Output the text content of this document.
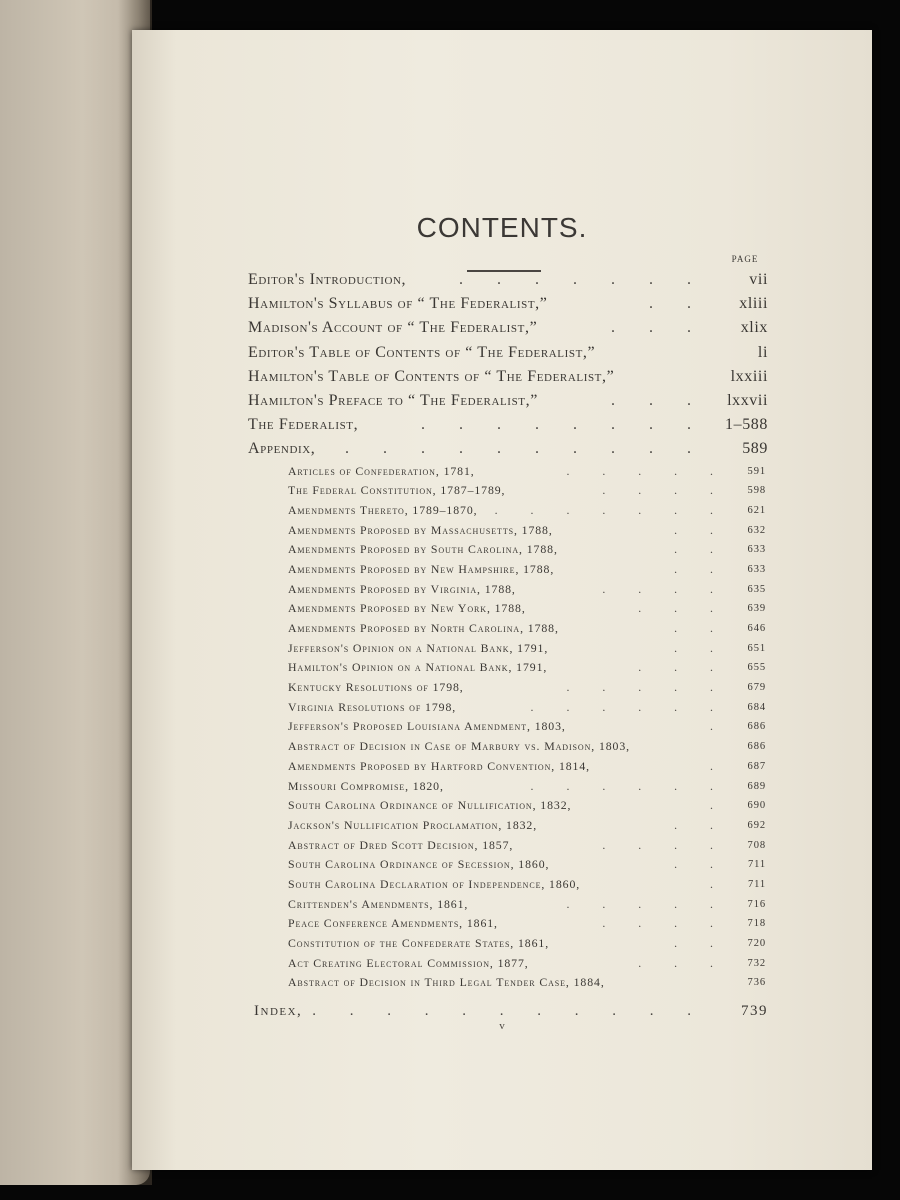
CONTENTS.
PAGE
Editor's Introduction,	. . . . . . .	vii
Hamilton's Syllabus of “ The Federalist,”	. . xliii
Madison's Account of “ The Federalist,”	. . . xlix
Editor's Table of Contents of “ The Federalist,”	li
Hamilton's Table of Contents of “ The Federalist,”	lxxiii
Hamilton's Preface to “ The Federalist,”	. . . lxxvii
The Federalist,	. . . . . . . . 1–588
Appendix, . . . . . . . . . . 589
Articles of Confederation, 1781,	. . . . . 591
The Federal Constitution, 1787–1789,	. . . . 598
Amendments Thereto, 1789–1870, . . . . . . . 621
Amendments Proposed by Massachusetts, 1788,	. . 632
Amendments Proposed by South Carolina, 1788,	. . 633
Amendments Proposed by New Hampshire, 1788,	. . 633
Amendments Proposed by Virginia, 1788,	. . . . 635
Amendments Proposed by New York, 1788,	. . . 639
Amendments Proposed by North Carolina, 1788,	. . 646
Jefferson's Opinion on a National Bank, 1791,	. . 651
Hamilton's Opinion on a National Bank, 1791,	. . . 655
Kentucky Resolutions of 1798,	. . . . . 679
Virginia Resolutions of 1798,	. . . . . . 684
Jefferson's Proposed Louisiana Amendment, 1803,	. 686
Abstract of Decision in Case of Marbury vs. Madison, 1803,	686
Amendments Proposed by Hartford Convention, 1814,	. 687
Missouri Compromise, 1820,	. . . . . . 689
South Carolina Ordinance of Nullification, 1832,	. 690
Jackson's Nullification Proclamation, 1832,	. . 692
Abstract of Dred Scott Decision, 1857,	. . . . 708
South Carolina Ordinance of Secession, 1860,	. . 711
South Carolina Declaration of Independence, 1860,	. 711
Crittenden's Amendments, 1861,	. . . . . 716
Peace Conference Amendments, 1861,	. . . . 718
Constitution of the Confederate States, 1861,	. . 720
Act Creating Electoral Commission, 1877,	. . . 732
Abstract of Decision in Third Legal Tender Case, 1884,	736
Index, . . . . . . . . . . . 739
v
